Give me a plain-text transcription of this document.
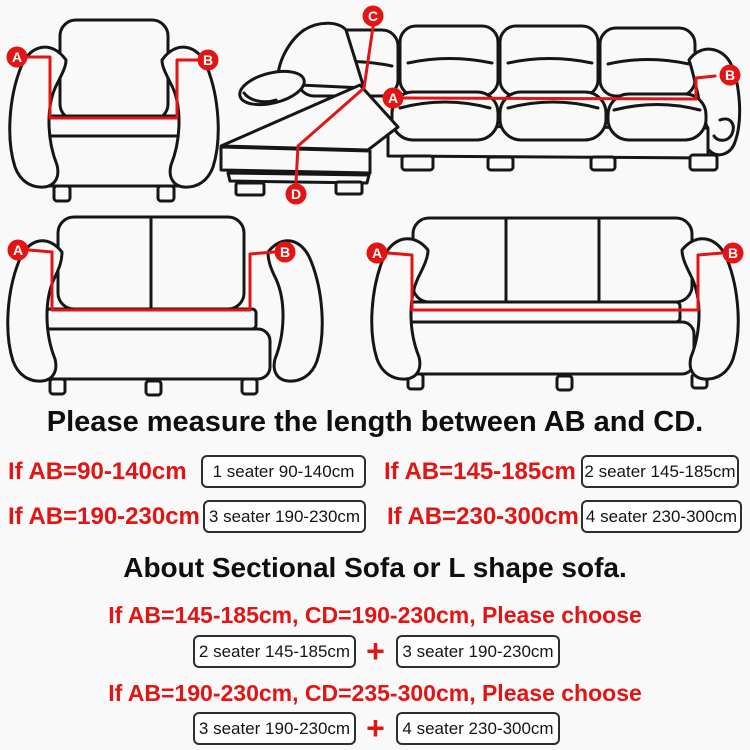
A	B
C
D
A
B
A	B	A	B
Please measure the length between AB and CD.
If AB=90-140cm	1 seater 90-140cm	If AB=145-185cm 2 seater 145-185cm
If AB=190-230cm 3 seater 190-230cm If AB=230-300cm 4 seater 230-300cm
About Sectional Sofa or L shape sofa.
If AB=145-185cm, CD=190-230cm, Please choose
2 seater 145-185cm +	3 seater 190-230cm
If AB=190-230cm, CD=235-300cm, Please choose
3 seater 190-230cm +	4 seater 230-300cm
